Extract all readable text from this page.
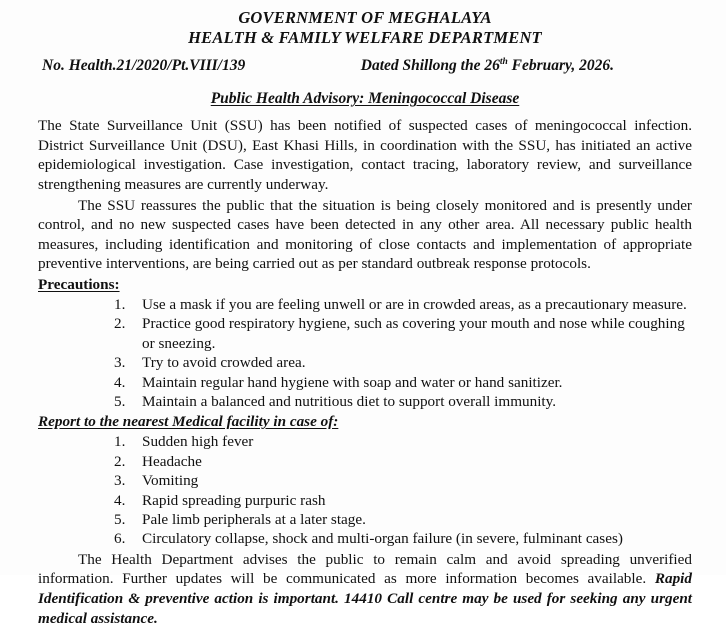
GOVERNMENT OF MEGHALAYA
HEALTH & FAMILY WELFARE DEPARTMENT
No. Health.21/2020/Pt.VIII/139	Dated Shillong the 26th February, 2026.
Public Health Advisory: Meningococcal Disease
The State Surveillance Unit (SSU) has been notified of suspected cases of meningococcal infection. District Surveillance Unit (DSU), East Khasi Hills, in coordination with the SSU, has initiated an active epidemiological investigation. Case investigation, contact tracing, laboratory review, and surveillance strengthening measures are currently underway.
The SSU reassures the public that the situation is being closely monitored and is presently under control, and no new suspected cases have been detected in any other area. All necessary public health measures, including identification and monitoring of close contacts and implementation of appropriate preventive interventions, are being carried out as per standard outbreak response protocols.
Precautions:
1.	Use a mask if you are feeling unwell or are in crowded areas, as a precautionary measure.
2.	Practice good respiratory hygiene, such as covering your mouth and nose while coughing or sneezing.
3.	Try to avoid crowded area.
4.	Maintain regular hand hygiene with soap and water or hand sanitizer.
5.	Maintain a balanced and nutritious diet to support overall immunity.
Report to the nearest Medical facility in case of:
1.	Sudden high fever
2.	Headache
3.	Vomiting
4.	Rapid spreading purpuric rash
5.	Pale limb peripherals at a later stage.
6.	Circulatory collapse, shock and multi-organ failure (in severe, fulminant cases)
The Health Department advises the public to remain calm and avoid spreading unverified information. Further updates will be communicated as more information becomes available. Rapid Identification & preventive action is important. 14410 Call centre may be used for seeking any urgent medical assistance.
